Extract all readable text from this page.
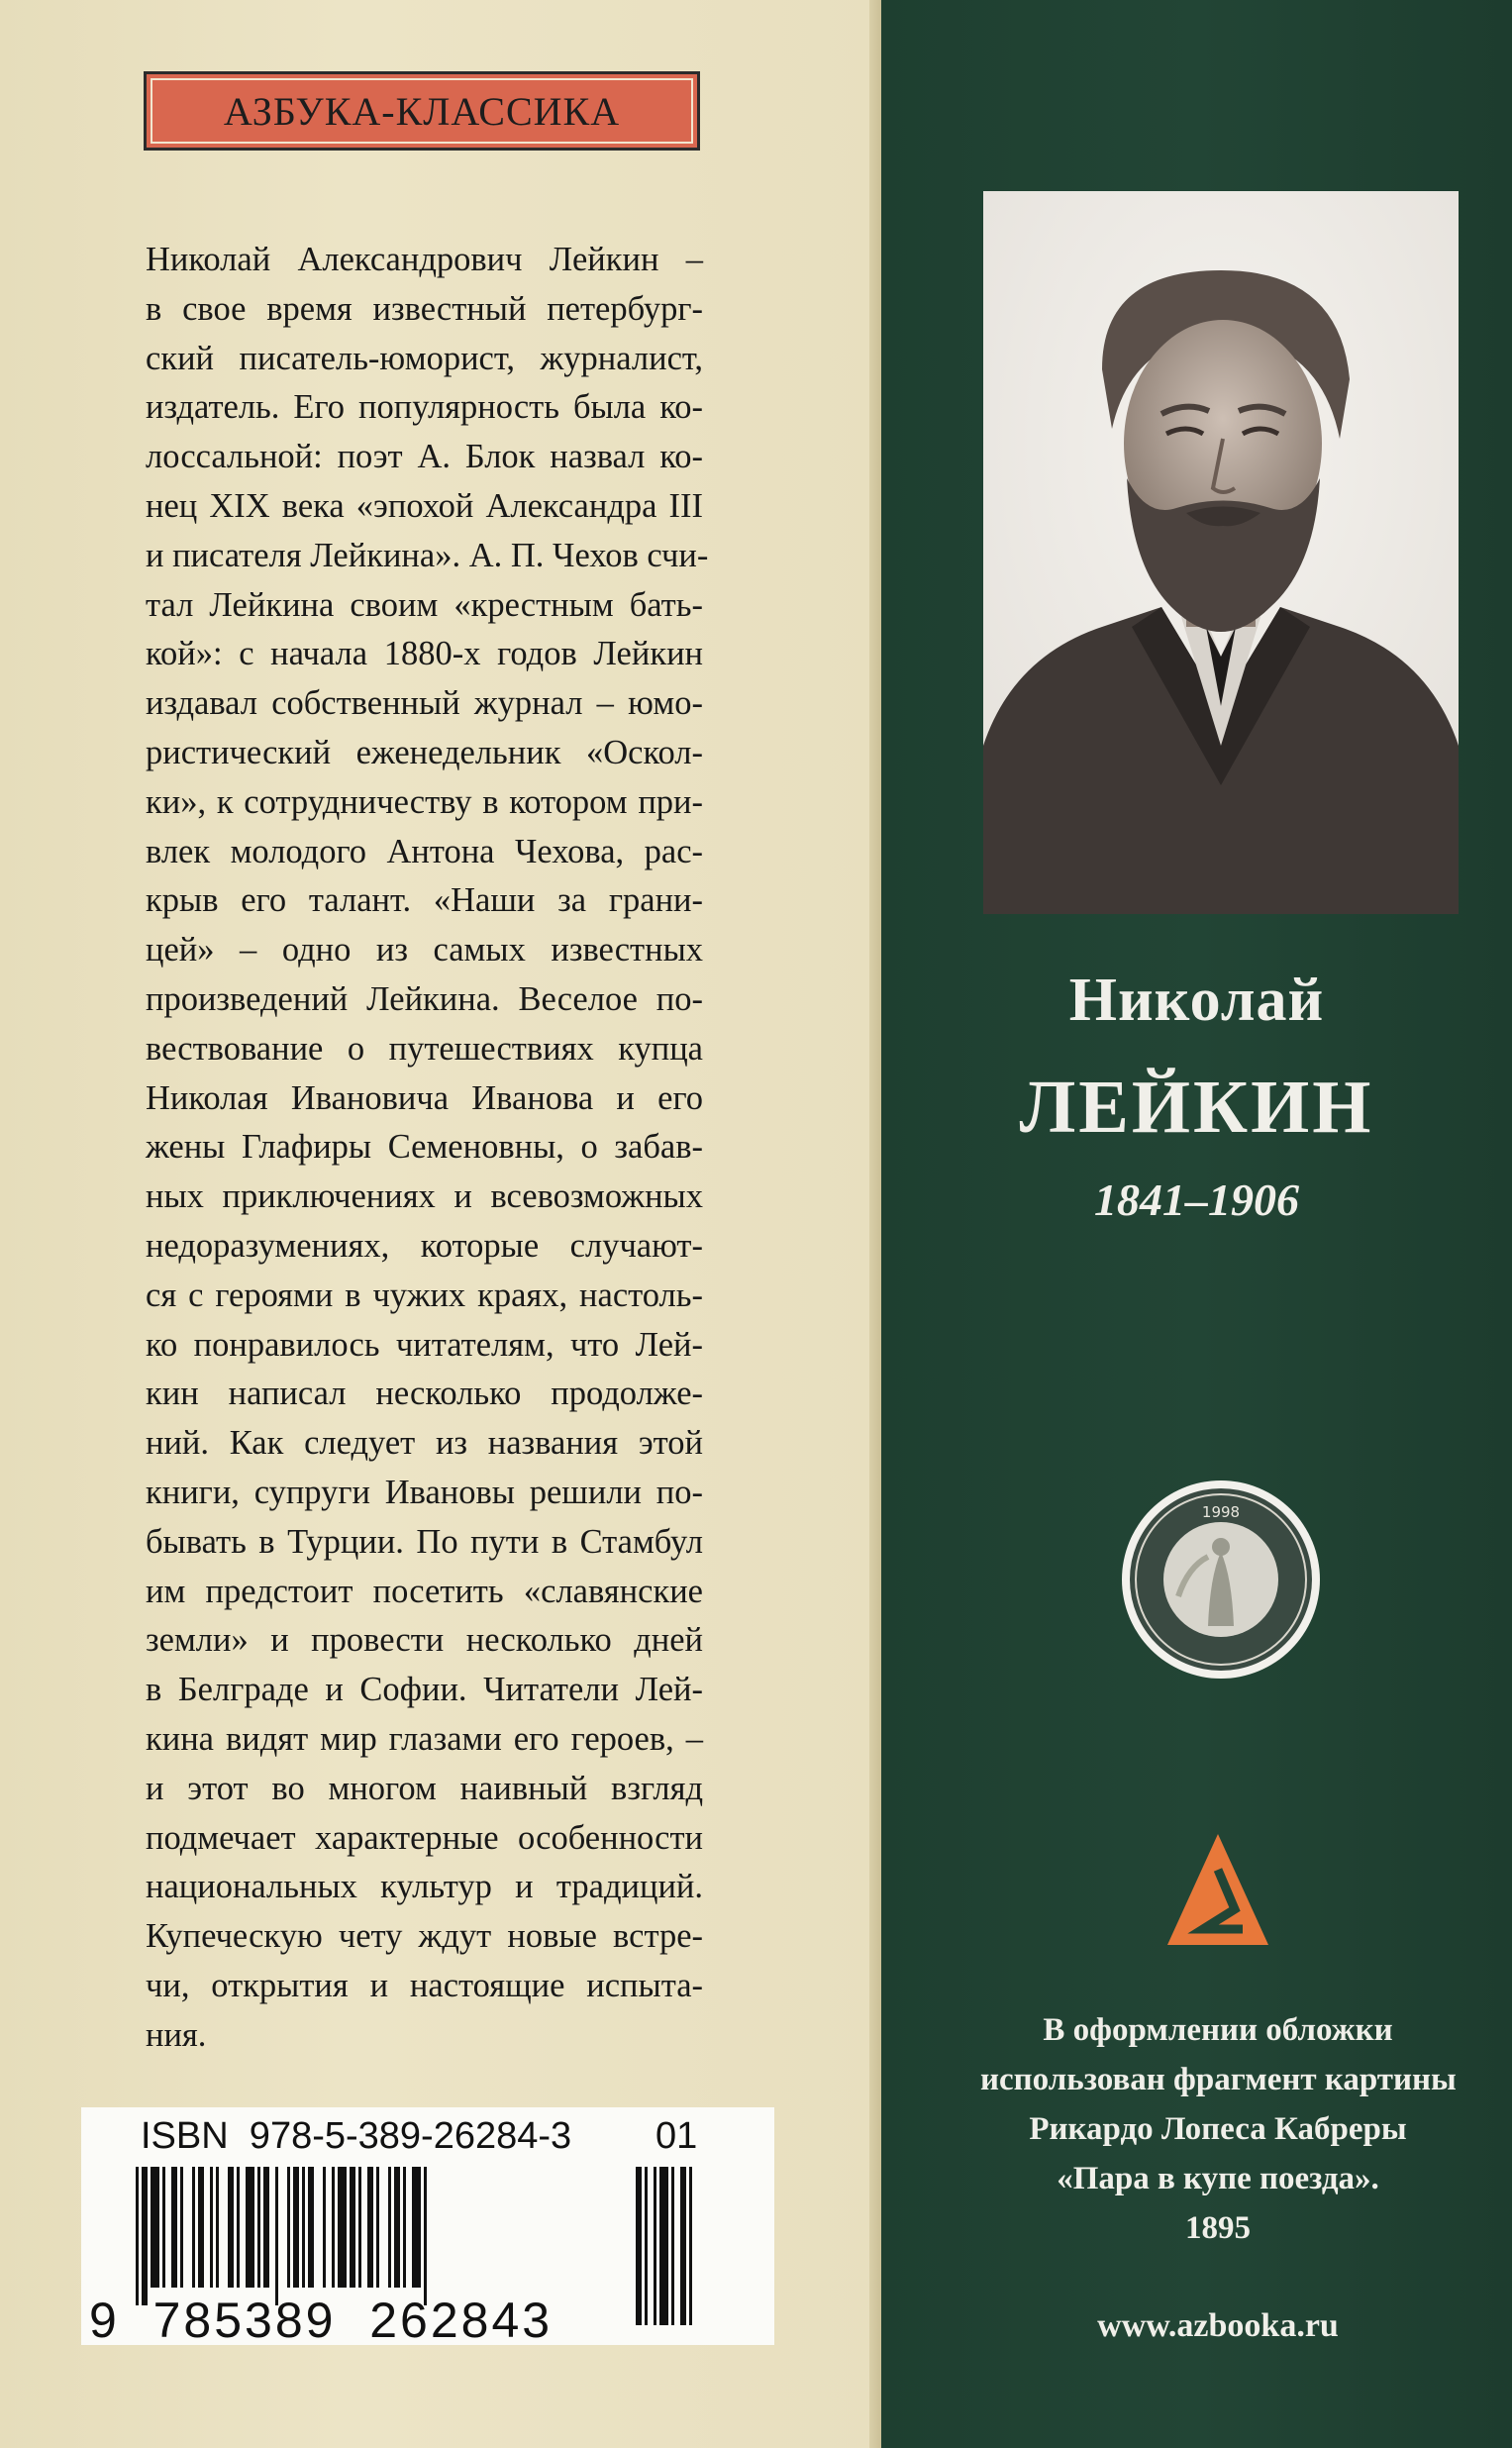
АЗБУКА-КЛАССИКА
Николай Александрович Лейкин –
в свое время известный петербург-
ский писатель-юморист, журналист,
издатель. Его популярность была ко-
лоссальной: поэт А. Блок назвал ко-
нец XIX века «эпохой Александра III
и писателя Лейкина». А. П. Чехов счи-
тал Лейкина своим «крестным бать-
кой»: с начала 1880-х годов Лейкин
издавал собственный журнал – юмо-
ристический еженедельник «Оскол-
ки», к сотрудничеству в котором при-
влек молодого Антона Чехова, рас-
крыв его талант. «Наши за грани-
цей» – одно из самых известных
произведений Лейкина. Веселое по-
вествование о путешествиях купца
Николая Ивановича Иванова и его
жены Глафиры Семеновны, о забав-
ных приключениях и всевозможных
недоразумениях, которые случают-
ся с героями в чужих краях, настоль-
ко понравилось читателям, что Лей-
кин написал несколько продолже-
ний. Как следует из названия этой
книги, супруги Ивановы решили по-
бывать в Турции. По пути в Стамбул
им предстоит посетить «славянские
земли» и провести несколько дней
в Белграде и Софии. Читатели Лей-
кина видят мир глазами его героев, –
и этот во многом наивный взгляд
подмечает характерные особенности
национальных культур и традиций.
Купеческую чету ждут новые встре-
чи, открытия и настоящие испыта-
ния.
ISBN  978-5-389-26284-3 01
9  785389  262843
Николай
ЛЕЙКИН
1841–1906
1998
В оформлении обложки
использован фрагмент картины
Рикардо Лопеса Кабреры
«Пара в купе поезда».
1895
www.azbooka.ru
